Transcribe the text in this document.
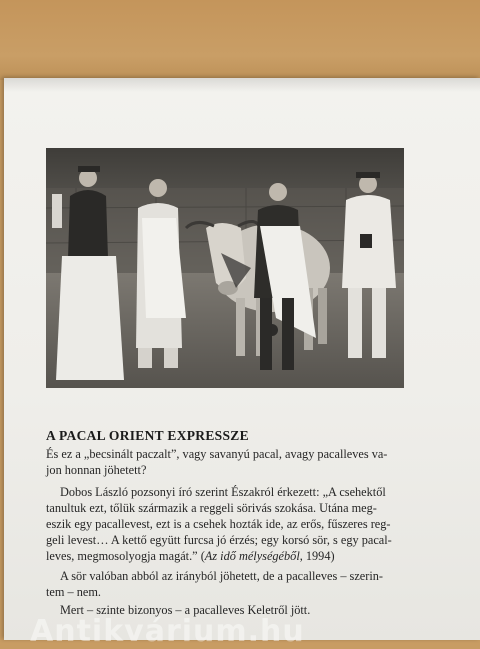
A PACAL ORIENT EXPRESSZE
És ez a „becsinált paczalt”, vagy savanyú pacal, avagy pacalleves va-
jon honnan jöhetett?
Dobos László pozsonyi író szerint Északról érkezett: „A csehektől
tanultuk ezt, tőlük származik a reggeli sörivás szokása. Utána meg-
eszik egy pacallevest, ezt is a csehek hozták ide, az erős, fűszeres reg-
geli levest… A kettő együtt furcsa jó érzés; egy korsó sör, s egy pacal-
leves, megmosolyogja magát.” (Az idő mélységéből, 1994)
A sör valóban abból az irányból jöhetett, de a pacalleves – szerin-
tem – nem.
Mert – szinte bizonyos – a pacalleves Keletről jött.
Antikvárium.hu
